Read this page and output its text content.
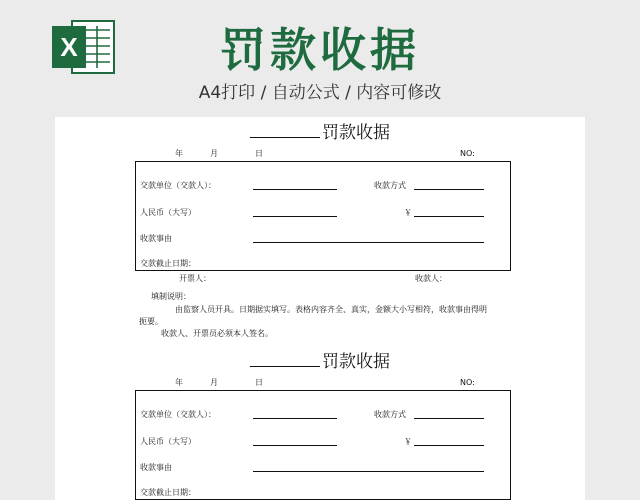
X	罚款收据
A4打印 / 自动公式 / 内容可修改
罚款收据
年	月	日	NO:
交款单位（交款人）：	收款方式
人民币（大写）	￥
收款事由
交款截止日期：
开票人：	收款人：
填制说明：
由监察人员开具。日期据实填写。表格内容齐全、真实，金额大小写相符，收款事由得明
扼要。
收款人、开票员必须本人签名。
罚款收据
年	月	日	NO:
交款单位（交款人）：	收款方式
人民币（大写）	￥
收款事由
交款截止日期：
